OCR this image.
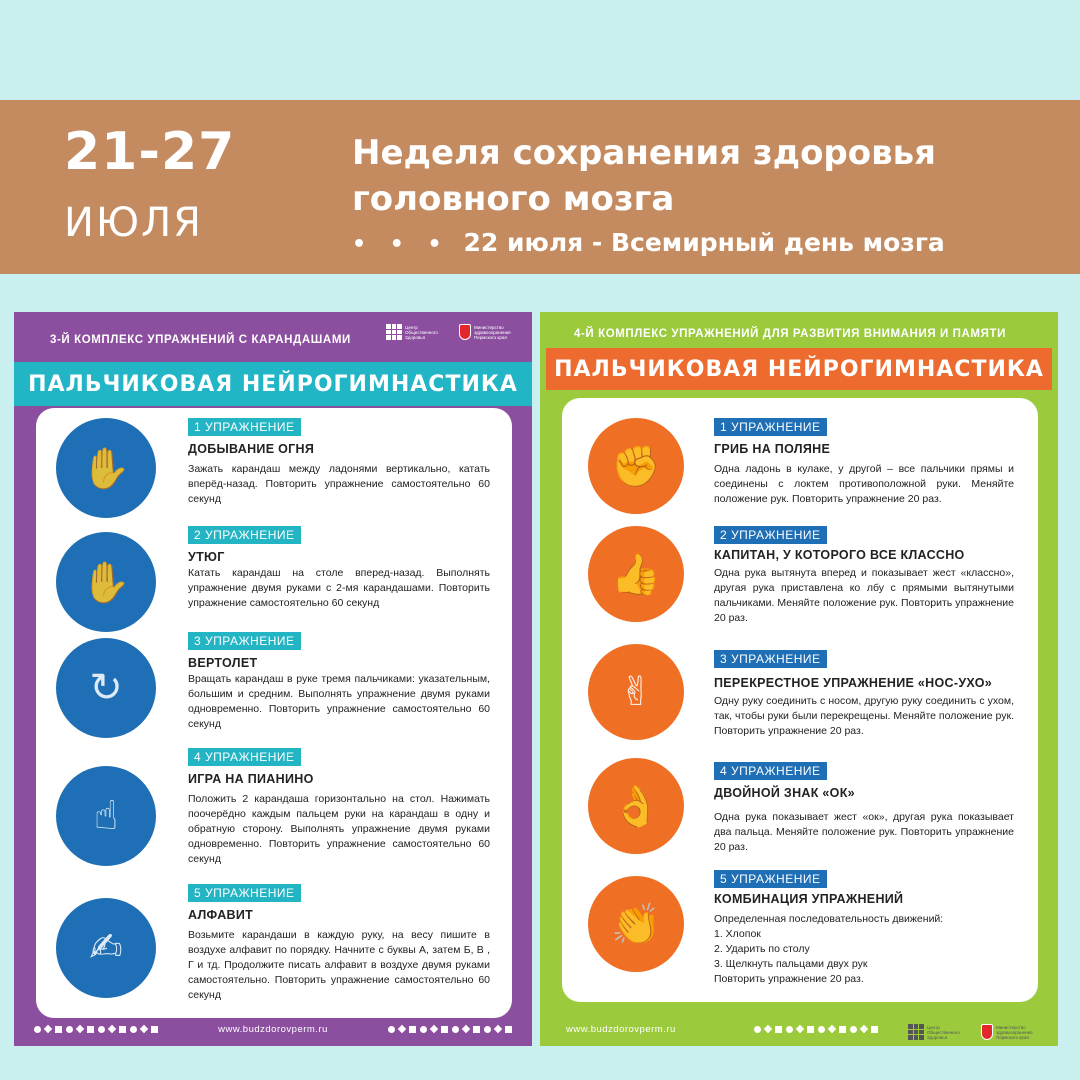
21-27
ИЮЛЯ
Неделя сохранения здоровья
головного мозга
• • • 22 июля - Всемирный день мозга
3-Й КОМПЛЕКС УПРАЖНЕНИЙ С КАРАНДАШАМИ
Центр Общественного Здоровья
Министерство здравоохранения Пермского края
ПАЛЬЧИКОВАЯ НЕЙРОГИМНАСТИКА
✋
1 УПРАЖНЕНИЕ
ДОБЫВАНИЕ ОГНЯ
Зажать карандаш между ладонями вертикально, катать вперёд-назад. Повторить упражнение самостоятельно 60 секунд
✋
2 УПРАЖНЕНИЕ
УТЮГ
Катать карандаш на столе вперед-назад. Выполнять упражнение двумя руками с 2-мя карандашами. Повторить упражнение самостоятельно 60 секунд
↻
3 УПРАЖНЕНИЕ
ВЕРТОЛЕТ
Вращать карандаш в руке тремя пальчиками: указательным, большим и средним. Выполнять упражнение двумя руками одновременно. Повторить упражнение самостоятельно 60 секунд
☝
4 УПРАЖНЕНИЕ
ИГРА НА ПИАНИНО
Положить 2 карандаша горизонтально на стол. Нажимать поочерёдно каждым пальцем руки на карандаш в одну и обратную сторону. Выполнять упражнение двумя руками одновременно. Повторить упражнение самостоятельно 60 секунд
✍
5 УПРАЖНЕНИЕ
АЛФАВИТ
Возьмите карандаши в каждую руку, на весу пишите в воздухе алфавит по порядку. Начните с буквы А, затем Б, В , Г и тд. Продолжите писать алфавит в воздухе двумя руками самостоятельно. Повторить упражнение самостоятельно 60 секунд
www.budzdorovperm.ru
4-Й КОМПЛЕКС УПРАЖНЕНИЙ ДЛЯ РАЗВИТИЯ ВНИМАНИЯ И ПАМЯТИ
ПАЛЬЧИКОВАЯ НЕЙРОГИМНАСТИКА
✊
1 УПРАЖНЕНИЕ
ГРИБ НА ПОЛЯНЕ
Одна ладонь в кулаке, у другой – все пальчики прямы и соединены с локтем противоположной руки. Меняйте положение рук. Повторить упражнение 20 раз.
👍
2 УПРАЖНЕНИЕ
КАПИТАН, У КОТОРОГО ВСЕ КЛАССНО
Одна рука вытянута вперед и показывает жест «классно», другая рука приставлена ко лбу с прямыми вытянутыми пальчиками. Меняйте положение рук. Повторить упражнение 20 раз.
✌
3 УПРАЖНЕНИЕ
ПЕРЕКРЕСТНОЕ УПРАЖНЕНИЕ «НОС-УХО»
Одну руку соединить с носом, другую руку соединить с ухом, так, чтобы руки были перекрещены. Меняйте положение рук. Повторить упражнение 20 раз.
👌
4 УПРАЖНЕНИЕ
ДВОЙНОЙ ЗНАК «ОК»
Одна рука показывает жест «ок», другая рука показывает два пальца. Меняйте положение рук. Повторить упражнение 20 раз.
👏
5 УПРАЖНЕНИЕ
КОМБИНАЦИЯ УПРАЖНЕНИЙ
Определенная последовательность движений:
1. Хлопок
2. Ударить по столу
3. Щелкнуть пальцами двух рук
Повторить упражнение 20 раз.
www.budzdorovperm.ru	Центр Общественного Здоровья
Министерство здравоохранения Пермского края
